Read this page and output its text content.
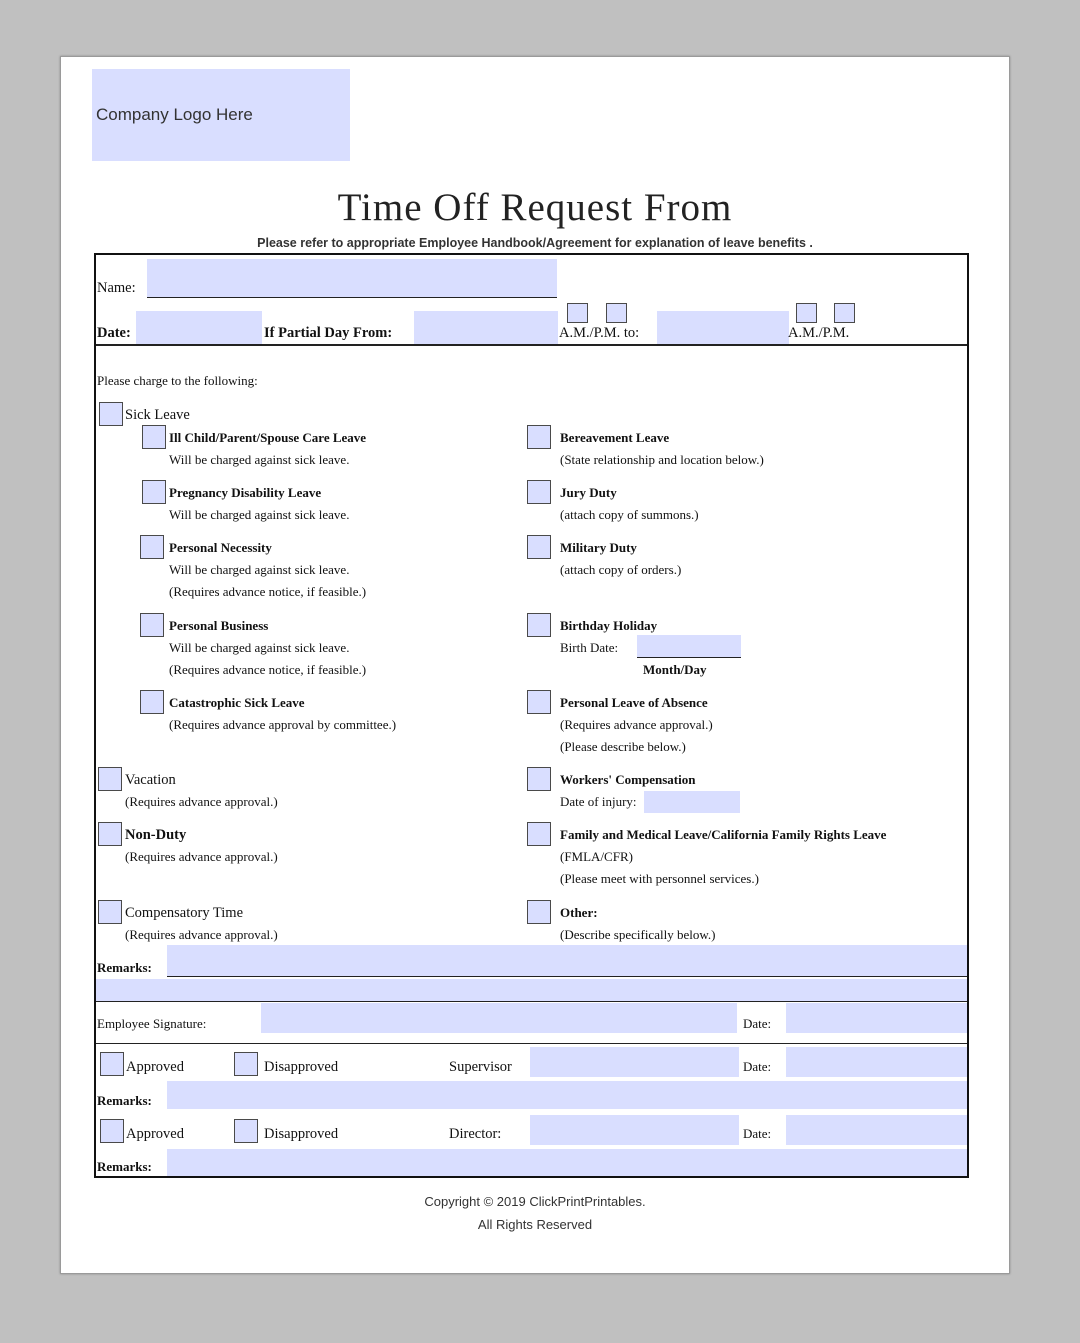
Company Logo Here
Time Off Request From
Please refer to appropriate Employee Handbook/Agreement for explanation of leave benefits .
Name:
Date:	If Partial Day From:	A.M./P.M. to:	A.M./P.M.
Please charge to the following:
Sick Leave
Ill Child/Parent/Spouse Care Leave
Will be charged against sick leave.
Pregnancy Disability Leave
Will be charged against sick leave.
Personal Necessity
Will be charged against sick leave.
(Requires advance notice, if feasible.)
Personal Business
Will be charged against sick leave.
(Requires advance notice, if feasible.)
Catastrophic Sick Leave
(Requires advance approval by committee.)
Vacation
(Requires advance approval.)
Non-Duty
(Requires advance approval.)
Compensatory Time
(Requires advance approval.)
Bereavement Leave
(State relationship and location below.)
Jury Duty
(attach copy of summons.)
Military Duty
(attach copy of orders.)
Birthday Holiday
Birth Date:
Month/Day
Personal Leave of Absence
(Requires advance approval.)
(Please describe below.)
Workers' Compensation
Date of injury:
Family and Medical Leave/California Family Rights Leave
(FMLA/CFR)
(Please meet with personnel services.)
Other:
(Describe specifically below.)
Remarks:
Employee Signature:	Date:
Approved	Disapproved	Supervisor	Date:
Remarks:
Approved	Disapproved	Director:	Date:
Remarks:
Copyright © 2019 ClickPrintPrintables.
All Rights Reserved
